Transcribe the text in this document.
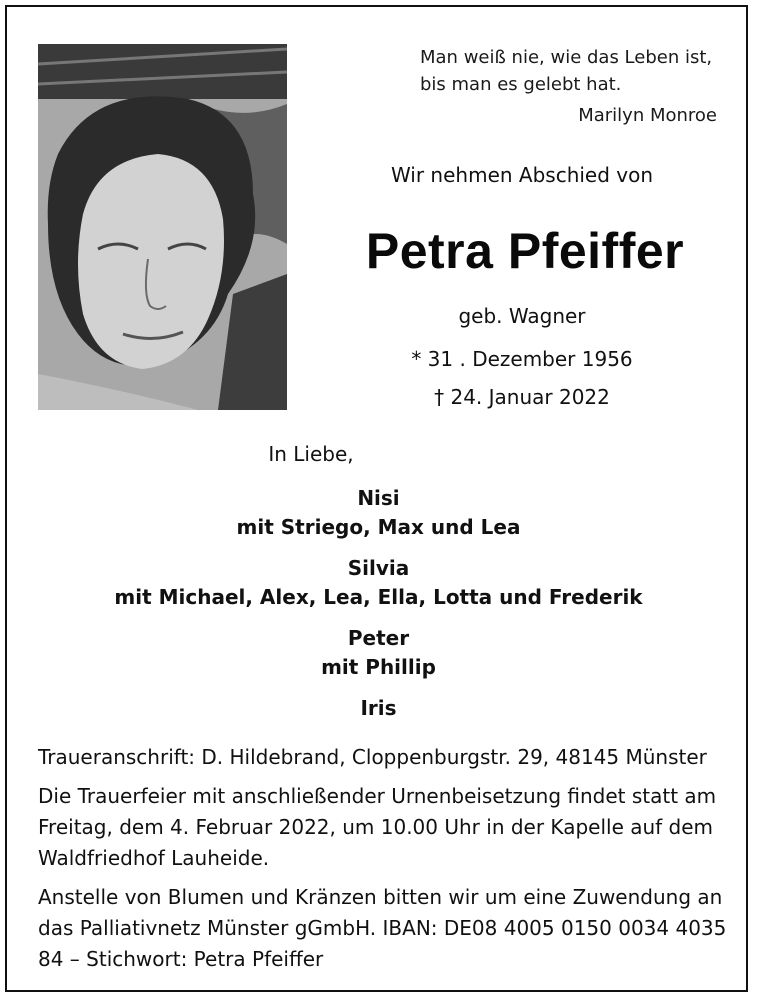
Man weiß nie, wie das Leben ist,
bis man es gelebt hat.
Marilyn Monroe
Wir nehmen Abschied von
Petra Pfeiffer
geb. Wagner
* 31 . Dezember 1956
† 24. Januar 2022
In Liebe,
Nisi
mit Striego, Max und Lea
Silvia
mit Michael, Alex, Lea, Ella, Lotta und Frederik
Peter
mit Phillip
Iris

Traueranschrift: D. Hildebrand, Cloppenburgstr. 29, 48145 Münster

Die Trauerfeier mit anschließender Urnenbeisetzung findet statt am Freitag, dem 4. Februar 2022, um 10.00 Uhr in der Kapelle auf dem Waldfriedhof Lauheide.

Anstelle von Blumen und Kränzen bitten wir um eine Zuwendung an das Palliativnetz Münster gGmbH. IBAN: DE08 4005 0150 0034 4035 84 – Stichwort: Petra Pfeiffer
